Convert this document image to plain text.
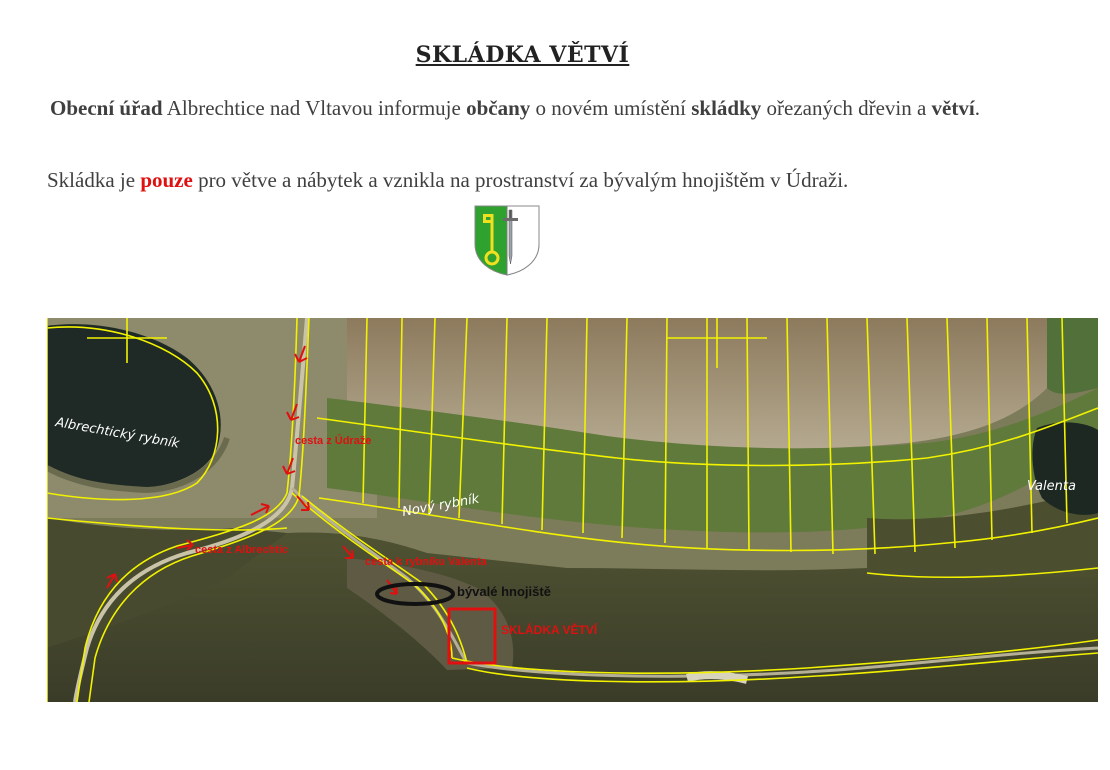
SKLÁDKA VĚTVÍ
Obecní úřad Albrechtice nad Vltavou informuje občany o novém umístění skládky ořezaných dřevin a větví.
Skládka je pouze pro větve a nábytek a vznikla na prostranství za bývalým hnojištěm v Údraži.
Albrechtický rybník
Nový rybník
Valenta
cesta z Údraže
cesta z Albrechtic
cesta k rybníku Valenta
bývalé hnojiště
SKLÁDKA VĚTVÍ
